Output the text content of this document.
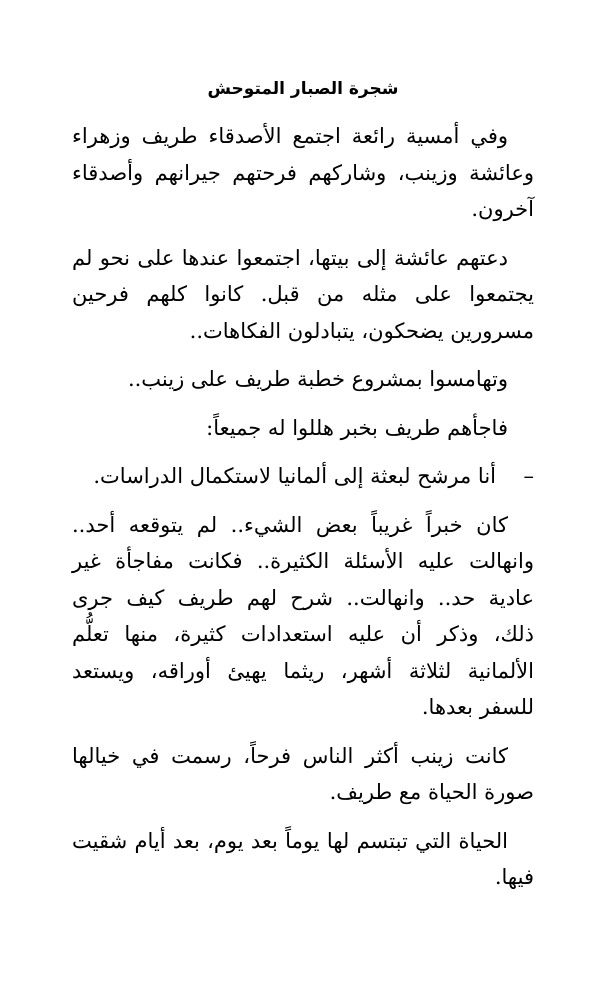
شجرة الصبار المتوحش

وفي أمسية رائعة اجتمع الأصدقاء طريف وزهراء وعائشة وزينب، وشاركهم فرحتهم جيرانهم وأصدقاء آخرون.

دعتهم عائشة إلى بيتها، اجتمعوا عندها على نحو لم يجتمعوا على مثله من قبل. كانوا كلهم فرحين مسرورين يضحكون، يتبادلون الفكاهات..

وتهامسوا بمشروع خطبة طريف على زينب..

فاجأهم طريف بخبر هللوا له جميعاً:

–أنا مرشح لبعثة إلى ألمانيا لاستكمال الدراسات.

كان خبراً غريباً بعض الشيء.. لم يتوقعه أحد.. وانهالت عليه الأسئلة الكثيرة.. فكانت مفاجأة غير عادية حد.. وانهالت.. شرح لهم طريف كيف جرى ذلك، وذكر أن عليه استعدادات كثيرة، منها تعلُّم الألمانية لثلاثة أشهر، ريثما يهيئ أوراقه، ويستعد للسفر بعدها.

كانت زينب أكثر الناس فرحاً، رسمت في خيالها صورة الحياة مع طريف.

الحياة التي تبتسم لها يوماً بعد يوم، بعد أيام شقيت فيها.
